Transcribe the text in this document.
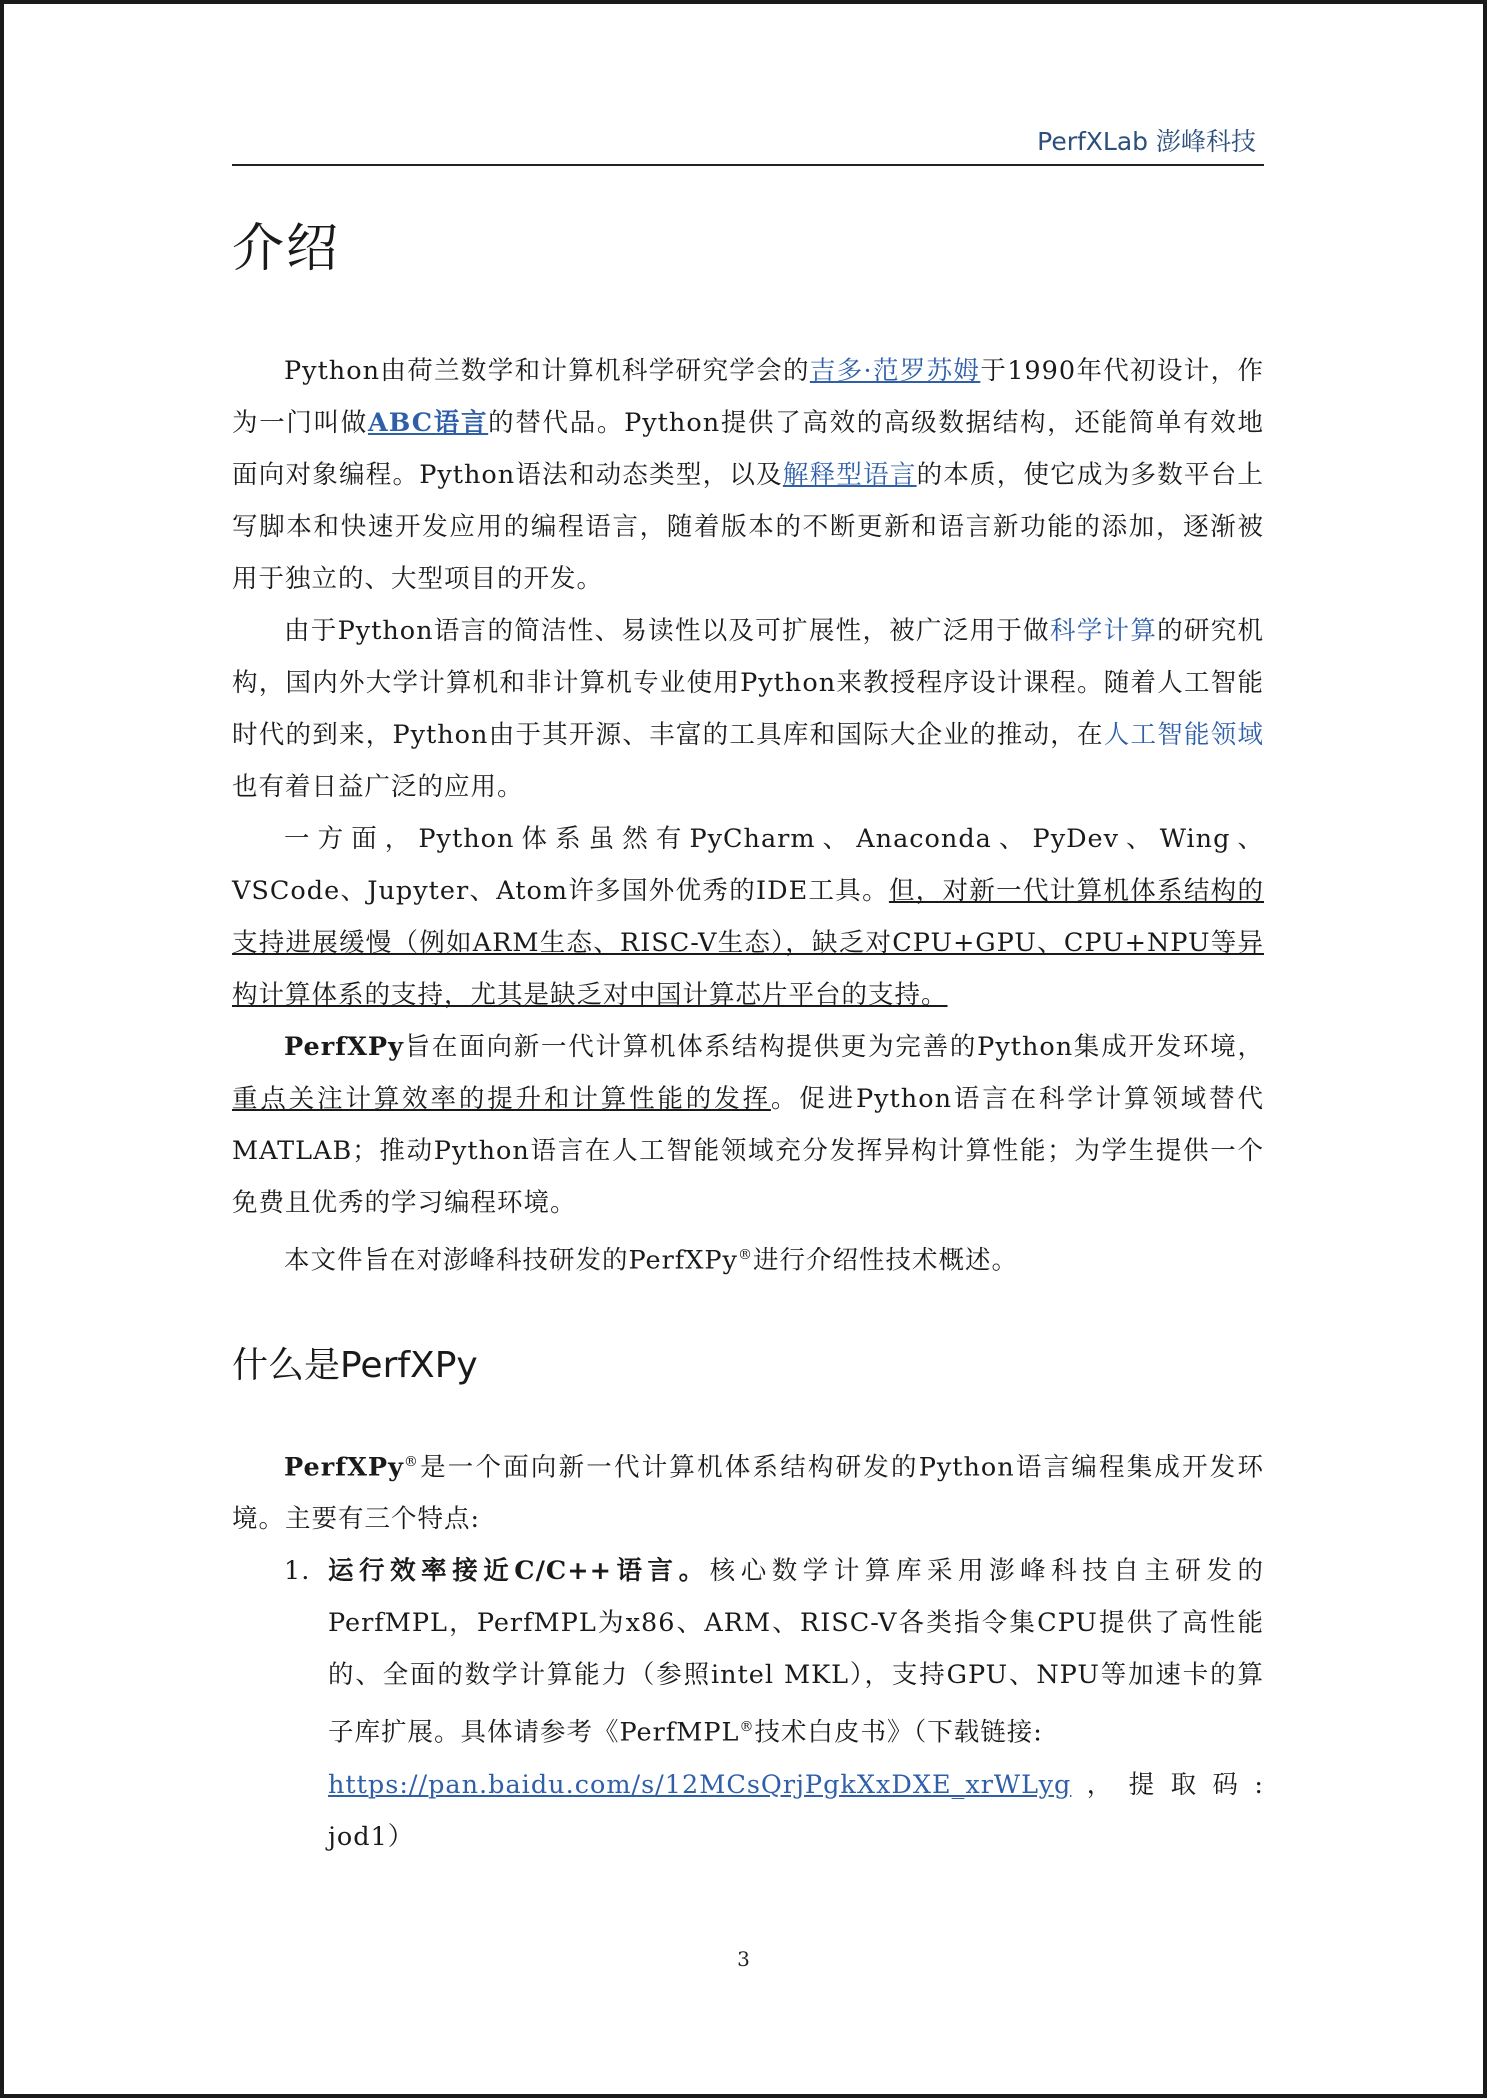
PerfXLab 澎峰科技
介绍

Python由荷兰数学和计算机科学研究学会的吉多·范罗苏姆于1990年代初设计，作为一门叫做ABC语言的替代品。Python提供了高效的高级数据结构，还能简单有效地面向对象编程。Python语法和动态类型，以及解释型语言的本质，使它成为多数平台上写脚本和快速开发应用的编程语言，随着版本的不断更新和语言新功能的添加，逐渐被用于独立的、大型项目的开发。

由于Python语言的简洁性、易读性以及可扩展性，被广泛用于做科学计算的研究机构，国内外大学计算机和非计算机专业使用Python来教授程序设计课程。随着人工智能时代的到来，Python由于其开源、丰富的工具库和国际大企业的推动，在人工智能领域也有着日益广泛的应用。

一方面，Python体系虽然有PyCharm、Anaconda、PyDev、Wing、VSCode、Jupyter、Atom许多国外优秀的IDE工具。但，对新一代计算机体系结构的支持进展缓慢（例如ARM生态、RISC-V生态），缺乏对CPU+GPU、CPU+NPU等异构计算体系的支持，尤其是缺乏对中国计算芯片平台的支持。

PerfXPy旨在面向新一代计算机体系结构提供更为完善的Python集成开发环境，重点关注计算效率的提升和计算性能的发挥。促进Python语言在科学计算领域替代MATLAB；推动Python语言在人工智能领域充分发挥异构计算性能；为学生提供一个免费且优秀的学习编程环境。

本文件旨在对澎峰科技研发的PerfXPy®进行介绍性技术概述。

什么是PerfXPy

PerfXPy®是一个面向新一代计算机体系结构研发的Python语言编程集成开发环境。主要有三个特点:

1. 运行效率接近C/C++语言。核心数学计算库采用澎峰科技自主研发的PerfMPL，PerfMPL为x86、ARM、RISC-V各类指令集CPU提供了高性能的、全面的数学计算能力（参照intel MKL），支持GPU、NPU等加速卡的算子库扩展。具体请参考《PerfMPL®技术白皮书》（下载链接:
https://pan.baidu.com/s/12MCsQrjPgkXxDXE_xrWLyg，提取码: jod1）
3
